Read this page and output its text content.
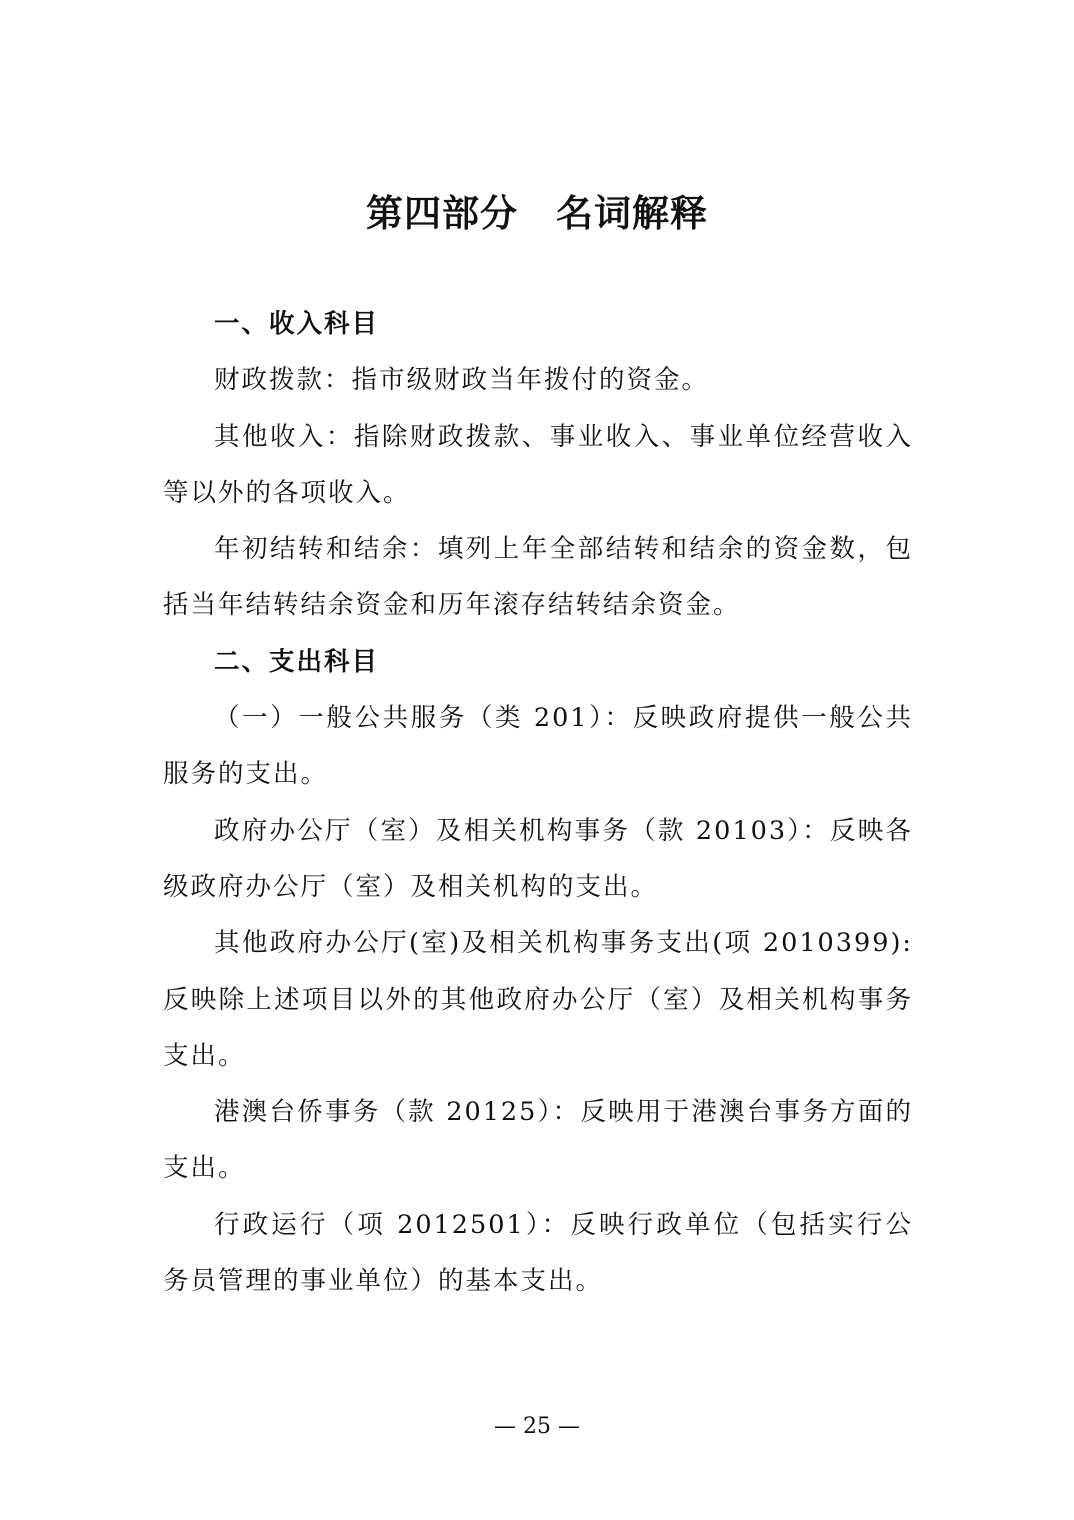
第四部分　名词解释

一、收入科目

财政拨款：指市级财政当年拨付的资金。

其他收入：指除财政拨款、事业收入、事业单位经营收入等以外的各项收入。

年初结转和结余：填列上年全部结转和结余的资金数，包括当年结转结余资金和历年滚存结转结余资金。

二、支出科目

（一）一般公共服务（类 201）：反映政府提供一般公共服务的支出。

政府办公厅（室）及相关机构事务（款 20103）：反映各级政府办公厅（室）及相关机构的支出。

其他政府办公厅(室)及相关机构事务支出(项 2010399):反映除上述项目以外的其他政府办公厅（室）及相关机构事务支出。

港澳台侨事务（款 20125）：反映用于港澳台事务方面的支出。

行政运行（项 2012501）：反映行政单位（包括实行公务员管理的事业单位）的基本支出。

— 25 —
